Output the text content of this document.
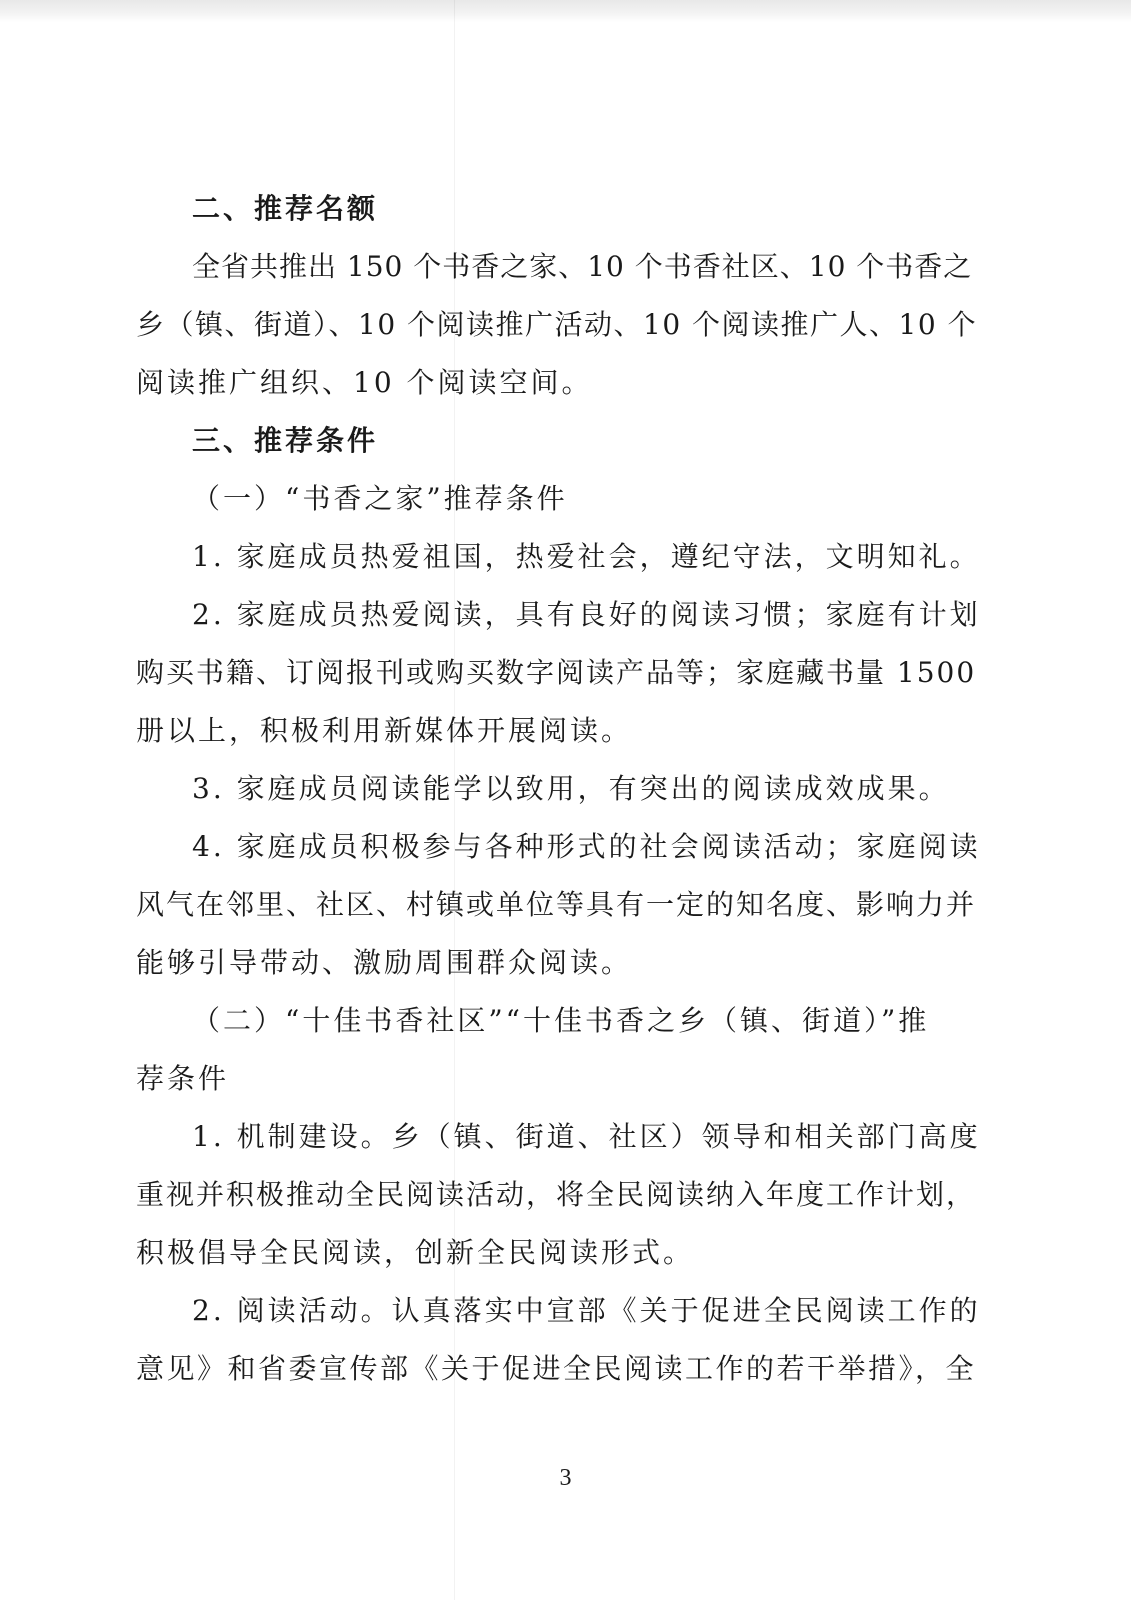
二、推荐名额
全省共推出 150 个书香之家、10 个书香社区、10 个书香之
乡（镇、街道）、10 个阅读推广活动、10 个阅读推广人、10 个
阅读推广组织、10 个阅读空间。
三、推荐条件
（一）“书香之家”推荐条件
1. 家庭成员热爱祖国，热爱社会，遵纪守法，文明知礼。
2. 家庭成员热爱阅读，具有良好的阅读习惯；家庭有计划
购买书籍、订阅报刊或购买数字阅读产品等；家庭藏书量 1500
册以上，积极利用新媒体开展阅读。
3. 家庭成员阅读能学以致用，有突出的阅读成效成果。
4. 家庭成员积极参与各种形式的社会阅读活动；家庭阅读
风气在邻里、社区、村镇或单位等具有一定的知名度、影响力并
能够引导带动、激励周围群众阅读。
（二）“十佳书香社区”“十佳书香之乡（镇、街道）”推
荐条件
1. 机制建设。乡（镇、街道、社区）领导和相关部门高度
重视并积极推动全民阅读活动，将全民阅读纳入年度工作计划，
积极倡导全民阅读，创新全民阅读形式。
2. 阅读活动。认真落实中宣部《关于促进全民阅读工作的
意见》和省委宣传部《关于促进全民阅读工作的若干举措》，全
3
